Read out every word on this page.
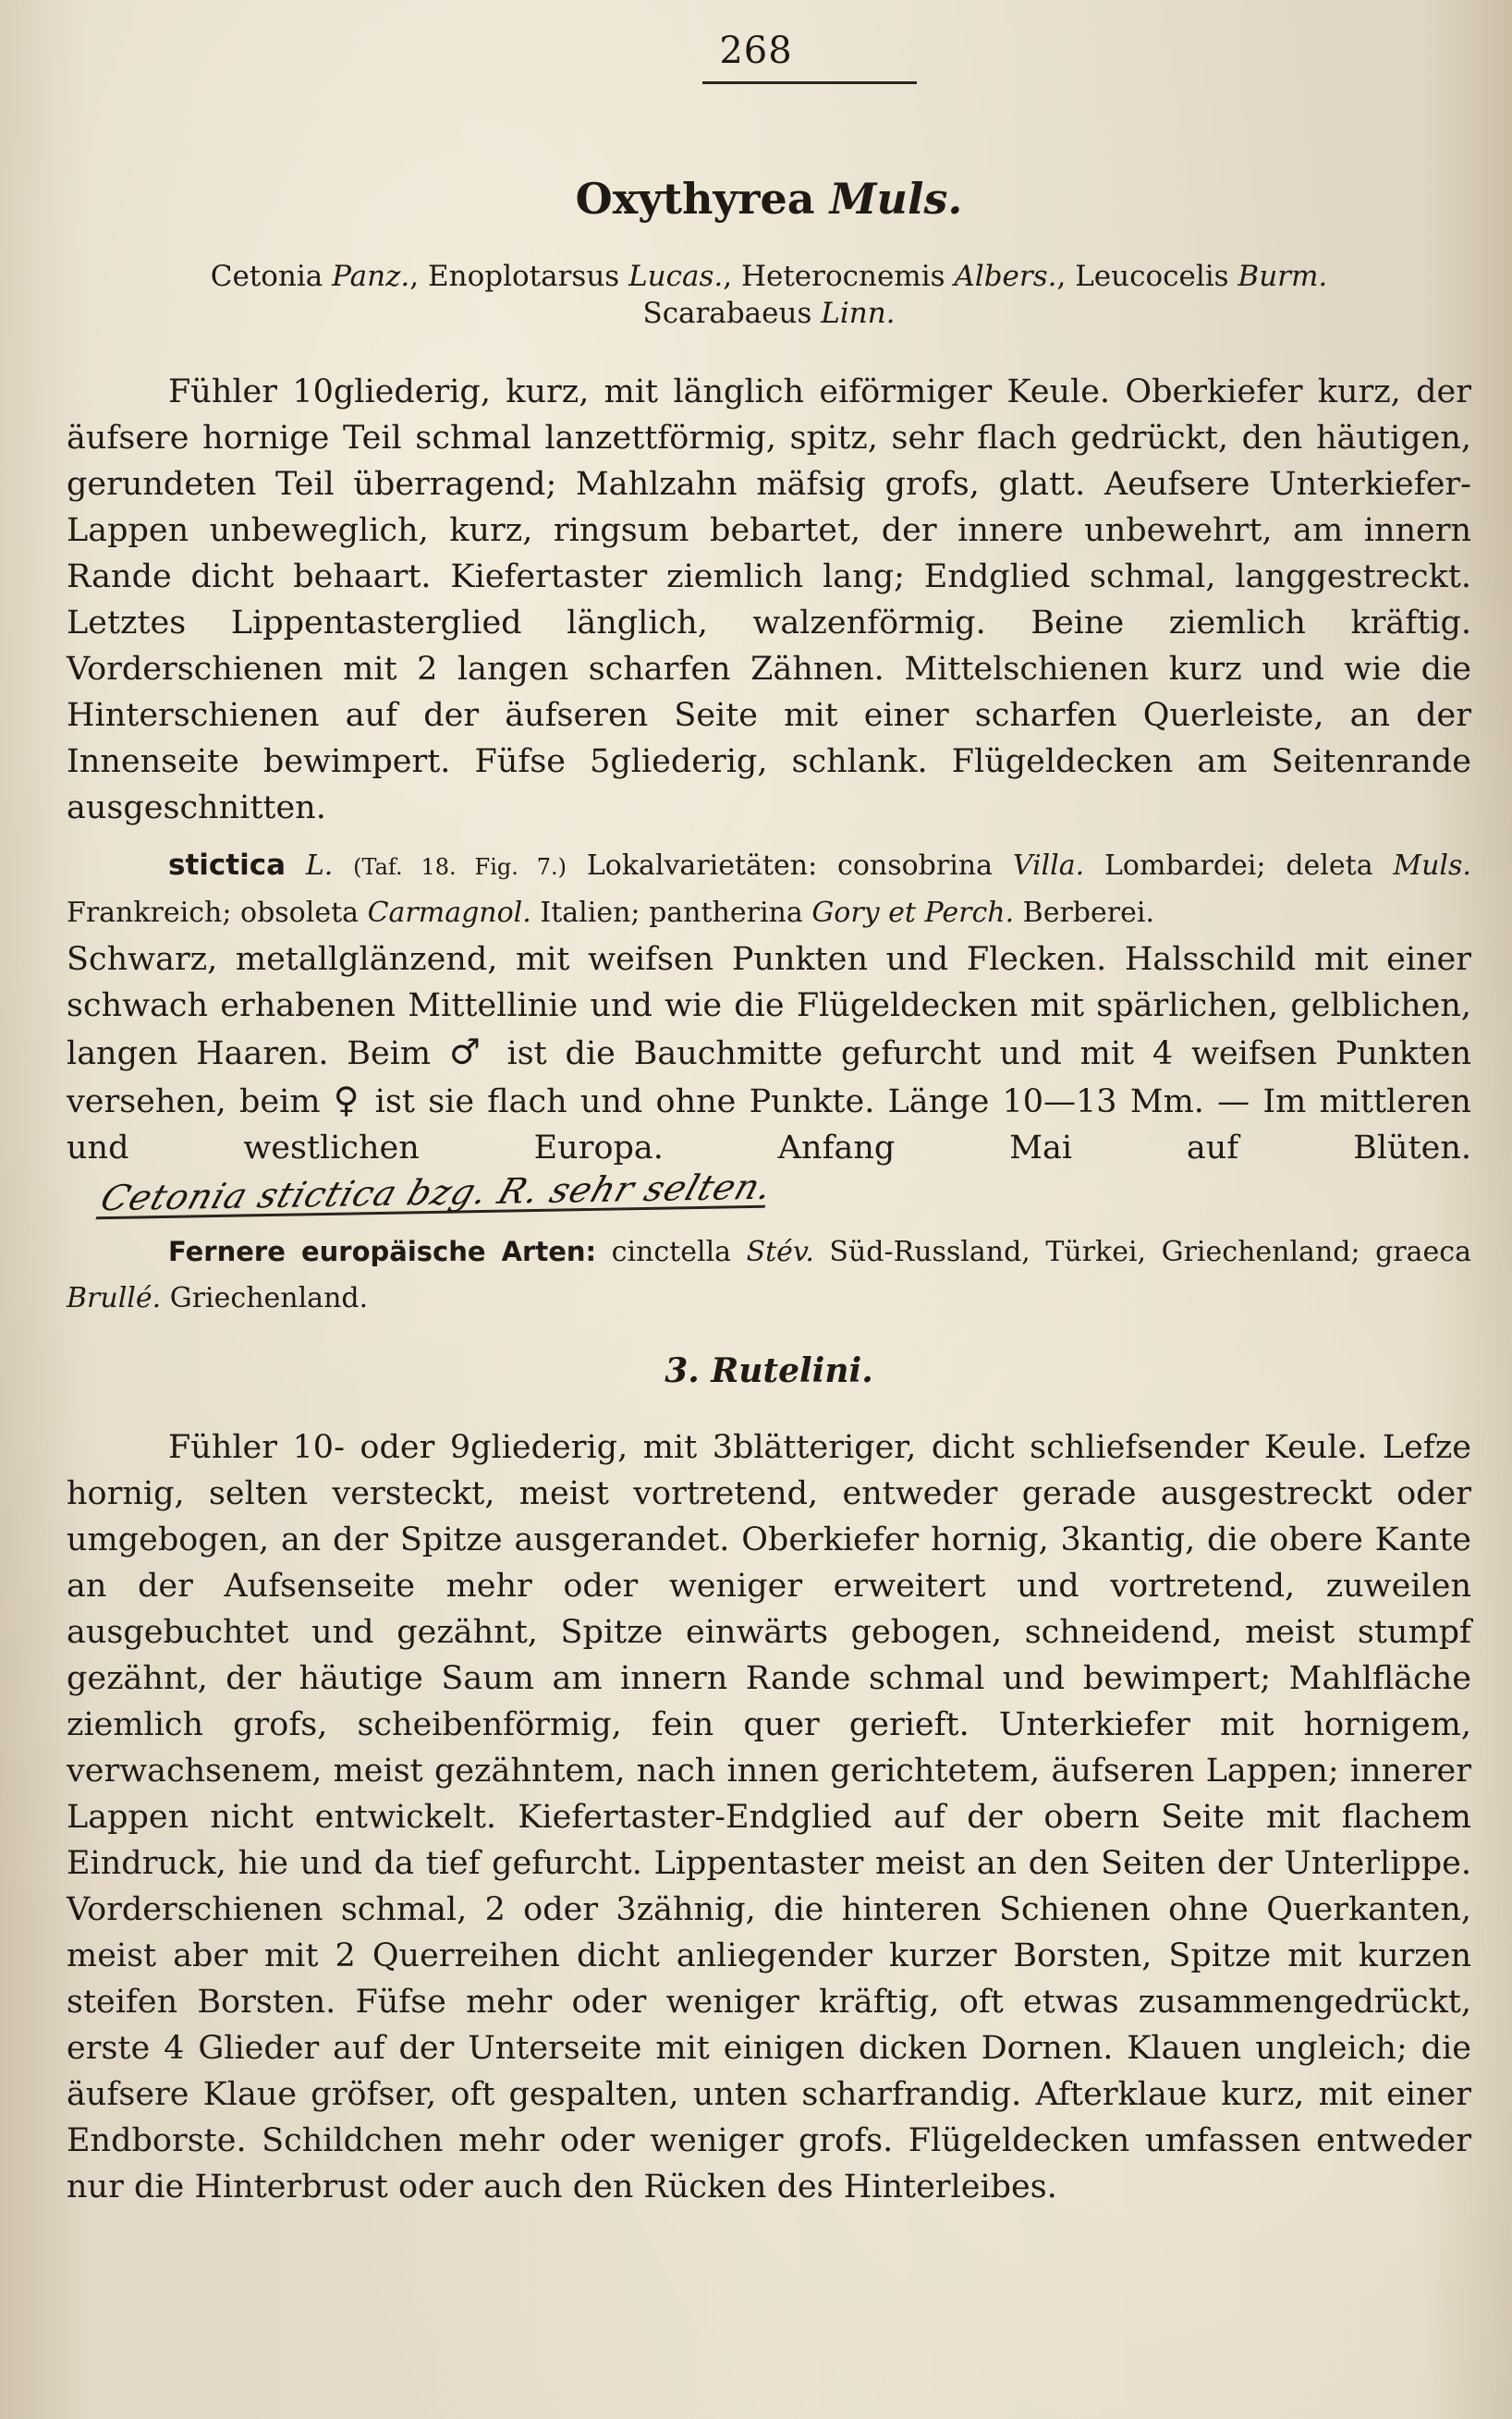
268
Oxythyrea Muls.
Cetonia Panz., Enoplotarsus Lucas., Heterocnemis Albers., Leucocelis Burm.
Scarabaeus Linn.

Fühler 10gliederig, kurz, mit länglich eiförmiger Keule. Oberkiefer kurz, der äufsere hornige Teil schmal lanzettförmig, spitz, sehr flach gedrückt, den häutigen, gerundeten Teil überragend; Mahlzahn mäfsig grofs, glatt. Aeufsere Unterkiefer-Lappen unbeweglich, kurz, ringsum bebartet, der innere unbewehrt, am innern Rande dicht behaart. Kiefertaster ziemlich lang; Endglied schmal, langgestreckt. Letztes Lippentasterglied länglich, walzenförmig. Beine ziemlich kräftig. Vorderschienen mit 2 langen scharfen Zähnen. Mittelschienen kurz und wie die Hinterschienen auf der äufseren Seite mit einer scharfen Querleiste, an der Innenseite bewimpert. Füfse 5gliederig, schlank. Flügeldecken am Seitenrande ausgeschnitten.

stictica L. (Taf. 18. Fig. 7.) Lokalvarietäten: consobrina Villa. Lombardei; deleta Muls. Frankreich; obsoleta Carmagnol. Italien; pantherina Gory et Perch. Berberei.

Schwarz, metallglänzend, mit weifsen Punkten und Flecken. Halsschild mit einer schwach erhabenen Mittellinie und wie die Flügeldecken mit spärlichen, gelblichen, langen Haaren. Beim ♂ ist die Bauchmitte gefurcht und mit 4 weifsen Punkten versehen, beim ♀ ist sie flach und ohne Punkte. Länge 10—13 Mm. — Im mittleren und westlichen Europa. Anfang Mai auf Blüten. Cetonia stictica bzg. R. sehr selten.

Fernere europäische Arten: cinctella Stév. Süd-Russland, Türkei, Griechenland; graeca Brullé. Griechenland.

3. Rutelini.

Fühler 10- oder 9gliederig, mit 3blätteriger, dicht schliefsender Keule. Lefze hornig, selten versteckt, meist vortretend, entweder gerade ausgestreckt oder umgebogen, an der Spitze ausgerandet. Oberkiefer hornig, 3kantig, die obere Kante an der Aufsenseite mehr oder weniger erweitert und vortretend, zuweilen ausgebuchtet und gezähnt, Spitze einwärts gebogen, schneidend, meist stumpf gezähnt, der häutige Saum am innern Rande schmal und bewimpert; Mahlfläche ziemlich grofs, scheibenförmig, fein quer gerieft. Unterkiefer mit hornigem, verwachsenem, meist gezähntem, nach innen gerichtetem, äufseren Lappen; innerer Lappen nicht entwickelt. Kiefertaster-Endglied auf der obern Seite mit flachem Eindruck, hie und da tief gefurcht. Lippentaster meist an den Seiten der Unterlippe. Vorderschienen schmal, 2 oder 3zähnig, die hinteren Schienen ohne Querkanten, meist aber mit 2 Querreihen dicht anliegender kurzer Borsten, Spitze mit kurzen steifen Borsten. Füfse mehr oder weniger kräftig, oft etwas zusammengedrückt, erste 4 Glieder auf der Unterseite mit einigen dicken Dornen. Klauen ungleich; die äufsere Klaue gröfser, oft gespalten, unten scharfrandig. Afterklaue kurz, mit einer Endborste. Schildchen mehr oder weniger grofs. Flügeldecken umfassen entweder nur die Hinterbrust oder auch den Rücken des Hinterleibes.
